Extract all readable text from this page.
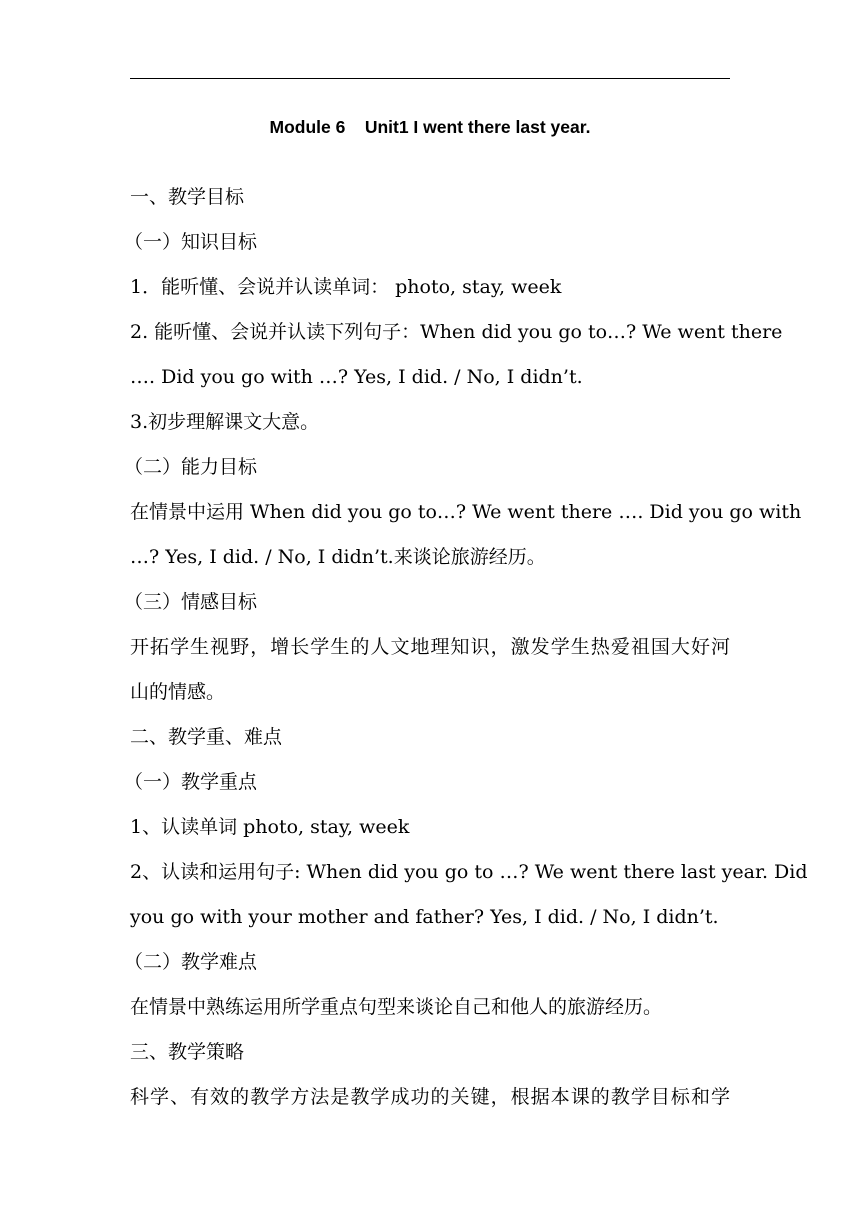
Module 6    Unit1 I went there last year.
一、教学目标
（一）知识目标
1．能听懂、会说并认读单词： photo, stay, week
2. 能听懂、会说并认读下列句子：When did you go to…? We went there
…. Did you go with …? Yes, I did. / No, I didn’t.
3.初步理解课文大意。
（二）能力目标
在情景中运用 When did you go to…? We went there …. Did you go with
…? Yes, I did. / No, I didn’t.来谈论旅游经历。
（三）情感目标
开拓学生视野，增长学生的人文地理知识，激发学生热爱祖国大好河
山的情感。
二、教学重、难点
（一）教学重点
1、认读单词 photo, stay, week
2、认读和运用句子: When did you go to …? We went there last year. Did
you go with your mother and father? Yes, I did. / No, I didn’t.
（二）教学难点
在情景中熟练运用所学重点句型来谈论自己和他人的旅游经历。
三、教学策略
科学、有效的教学方法是教学成功的关键，根据本课的教学目标和学
